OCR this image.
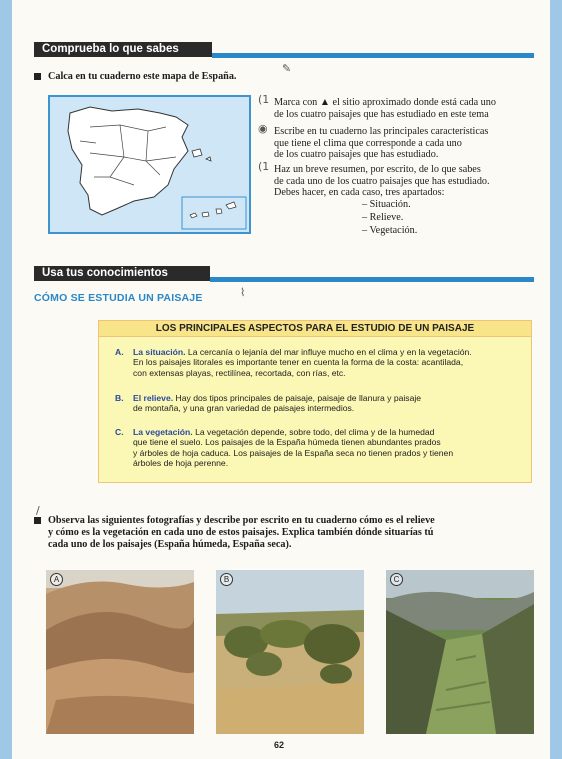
Comprueba lo que sabes
Calca en tu cuaderno este mapa de España.
✎
(1 Marca con ▲ el sitio aproximado donde está cada uno
de los cuatro paisajes que has estudiado en este tema
◉ Escribe en tu cuaderno las principales características
que tiene el clima que corresponde a cada uno
de los cuatro paisajes que has estudiado.
(1 Haz un breve resumen, por escrito, de lo que sabes
de cada uno de los cuatro paisajes que has estudiado.
Debes hacer, en cada caso, tres apartados:
– Situación.
– Relieve.
– Vegetación.
Usa tus conocimientos
CÓMO SE ESTUDIA UN PAISAJE	⌇
LOS PRINCIPALES ASPECTOS PARA EL ESTUDIO DE UN PAISAJE
A. La situación. La cercanía o lejanía del mar influye mucho en el clima y en la vegetación.
En los paisajes litorales es importante tener en cuenta la forma de la costa: acantilada,
con extensas playas, rectilínea, recortada, con rías, etc.
B. El relieve. Hay dos tipos principales de paisaje, paisaje de llanura y paisaje
de montaña, y una gran variedad de paisajes intermedios.
C. La vegetación. La vegetación depende, sobre todo, del clima y de la humedad
que tiene el suelo. Los paisajes de la España húmeda tienen abundantes prados
y árboles de hoja caduca. Los paisajes de la España seca no tienen prados y tienen
árboles de hoja perenne.
/
Observa las siguientes fotografías y describe por escrito en tu cuaderno cómo es el relieve
y cómo es la vegetación en cada uno de estos paisajes. Explica también dónde situarías tú
cada uno de los paisajes (España húmeda, España seca).
A	B	C
62
